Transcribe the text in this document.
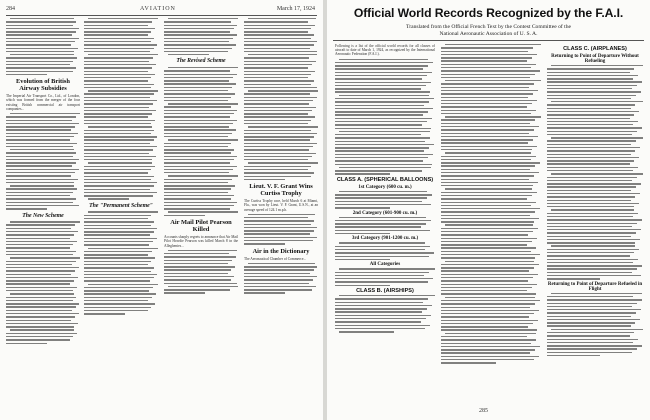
284	AVIATION	March 17, 1924
Evolution of British Airway Subsidies
The Imperial Air Transport Co., Ltd., of London, which was formed from the merger of the four existing British commercial air transport companies...
The New Scheme
The "Permanent Scheme"
The Revised Scheme
Air Mail Pilot Pearson Killed
Accounts sharply regrets to announce that Air Mail Pilot Howdie Pearson was killed March 8 in the Alleghenies...
Lieut. V. F. Grant Wins Curtiss Trophy
The Curtiss Trophy race, held March 6 at Miami, Fla., was won by Lieut. V. F. Grant, U.S.N., at an average speed of 124.1 m.p.h.
Air in the Dictionary
The Aeronautical Chamber of Commerce...
Official World Records Recognized by the F.A.I.
Translated from the Official French Text by the Contest Committee of the
National Aeronautic Association of U. S. A.
Following is a list of the official world records for all classes of aircraft to date of March 1, 1924, as recognized by the International Aeronautic Federation (F.A.I.).
CLASS A. (SPHERICAL BALLOONS)
1st Category (600 cu. m.)
2nd Category (601-900 cu. m.)
3rd Category (901-1200 cu. m.)
All Categories
CLASS B. (AIRSHIPS)
CLASS C. (AIRPLANES)
Returning to Point of Departure Without Refueling
Returning to Point of Departure Refueled in Flight
285
